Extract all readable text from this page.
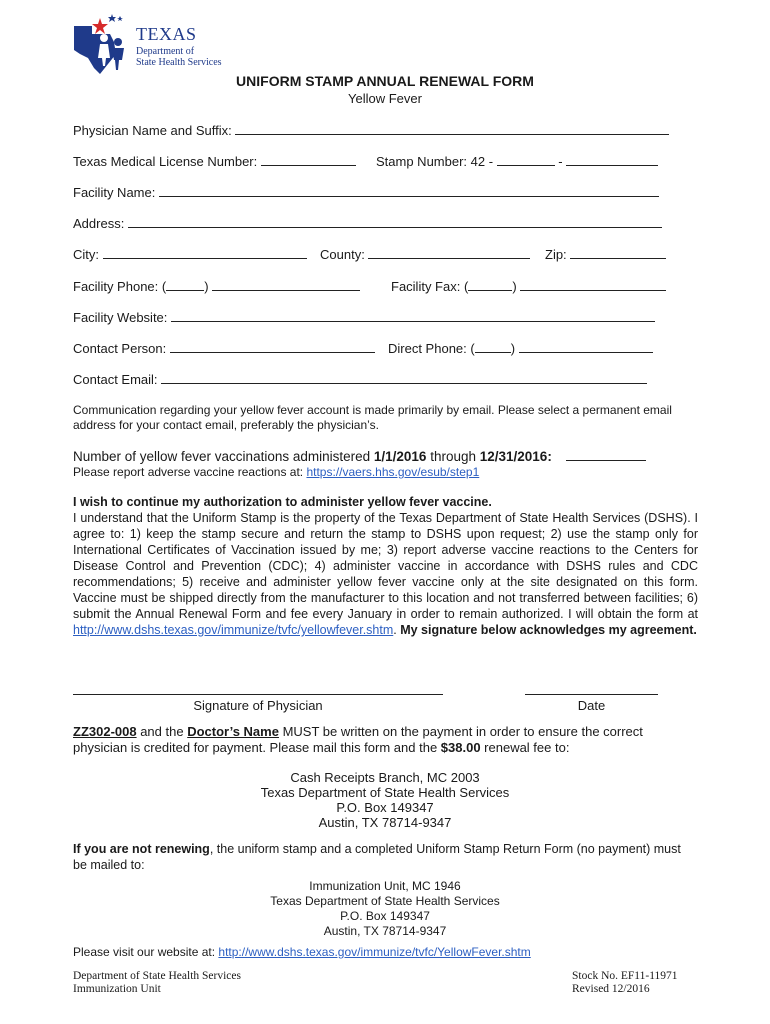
TEXAS
Department of
State Health Services
UNIFORM STAMP ANNUAL RENEWAL FORM
Yellow Fever
Physician Name and Suffix:
Texas Medical License Number:	Stamp Number: 42 -	-
Facility Name:
Address:
City:	County:	Zip:
Facility Phone: (	)	Facility Fax: (	)
Facility Website:
Contact Person:	Direct Phone: (	)
Contact Email:
Communication regarding your yellow fever account is made primarily by email. Please select a permanent email address for your contact email, preferably the physician’s.
Number of yellow fever vaccinations administered 1/1/2016 through 12/31/2016:
Please report adverse vaccine reactions at: https://vaers.hhs.gov/esub/step1
I wish to continue my authorization to administer yellow fever vaccine.
I understand that the Uniform Stamp is the property of the Texas Department of State Health Services (DSHS). I agree to: 1) keep the stamp secure and return the stamp to DSHS upon request; 2) use the stamp only for International Certificates of Vaccination issued by me; 3) report adverse vaccine reactions to the Centers for Disease Control and Prevention (CDC); 4) administer vaccine in accordance with DSHS rules and CDC recommendations; 5) receive and administer yellow fever vaccine only at the site designated on this form. Vaccine must be shipped directly from the manufacturer to this location and not transferred between facilities; 6) submit the Annual Renewal Form and fee every January in order to remain authorized. I will obtain the form at http://www.dshs.texas.gov/immunize/tvfc/yellowfever.shtm. My signature below acknowledges my agreement.
Signature of Physician	Date
ZZ302-008 and the Doctor’s Name MUST be written on the payment in order to ensure the correct physician is credited for payment. Please mail this form and the $38.00 renewal fee to:
Cash Receipts Branch, MC 2003
Texas Department of State Health Services
P.O. Box 149347
Austin, TX 78714-9347
If you are not renewing, the uniform stamp and a completed Uniform Stamp Return Form (no payment) must be mailed to:
Immunization Unit, MC 1946
Texas Department of State Health Services
P.O. Box 149347
Austin, TX 78714-9347
Please visit our website at: http://www.dshs.texas.gov/immunize/tvfc/YellowFever.shtm
Department of State Health Services
Immunization Unit
Stock No. EF11-11971
Revised 12/2016
